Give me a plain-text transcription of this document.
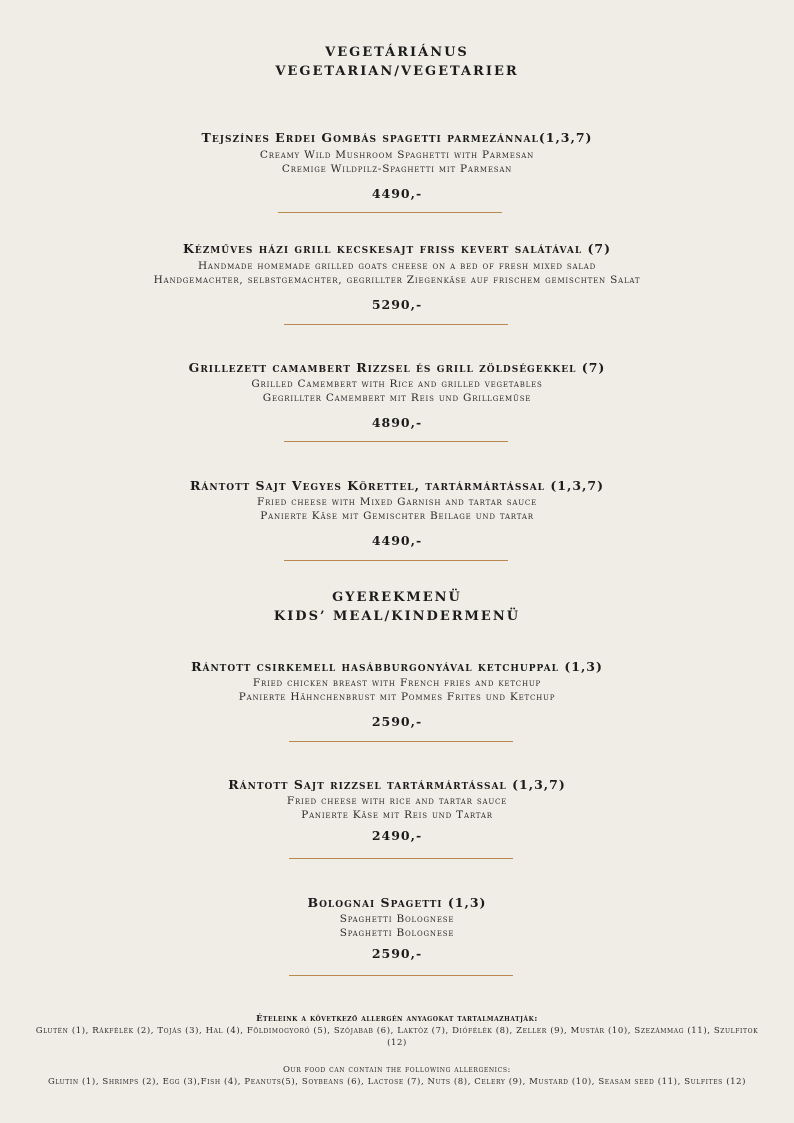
VEGETÁRIÁNUS
VEGETARIAN/VEGETARIER
Tejszínes Erdei Gombás spagetti parmezánnal(1,3,7)
Creamy Wild Mushroom Spaghetti with Parmesan
Cremige Wildpilz-Spaghetti mit Parmesan
4490,-
Kézműves házi grill kecskesajt friss kevert salátával (7)
Handmade homemade grilled goats cheese on a bed of fresh mixed salad
Handgemachter, selbstgemachter, gegrillter Ziegenkäse auf frischem gemischten Salat
5290,-
Grillezett camambert Rizzsel és grill zöldségekkel (7)
Grilled Camembert with Rice and grilled vegetables
Gegrillter Camembert mit Reis und Grillgemüse
4890,-
Rántott Sajt Vegyes Körettel, tartármártással (1,3,7)
Fried cheese with Mixed Garnish and tartar sauce
Panierte Käse mit Gemischter Beilage und tartar
4490,-
GYEREKMENÜ
KIDS’ MEAL/KINDERMENÜ
Rántott csirkemell hasábburgonyával ketchuppal (1,3)
Fried chicken breast with French fries and ketchup
Panierte Hähnchenbrust mit Pommes Frites und Ketchup
2590,-
Rántott Sajt rizzsel tartármártással (1,3,7)
Fried cheese with rice and tartar sauce
Panierte Käse mit Reis und Tartar
2490,-
Bolognai Spagetti (1,3)
Spaghetti Bolognese
Spaghetti Bolognese
2590,-
Ételeink a következő allergén anyagokat tartalmazhatják:
Glutén (1), Rákfélék (2), Tojás (3), Hal (4), Földimogyoró (5), Szójabab (6), Laktóz (7), Diófélék (8), Zeller (9), Mustár (10), Szezámmag (11), Szulfitok (12)
Our food can contain the following allergenics:
Glutin (1), Shrimps (2), Egg (3),Fish (4), Peanuts(5), Soybeans (6), Lactose (7), Nuts (8), Celery (9), Mustard (10), Seasam seed (11), Sulfites (12)
